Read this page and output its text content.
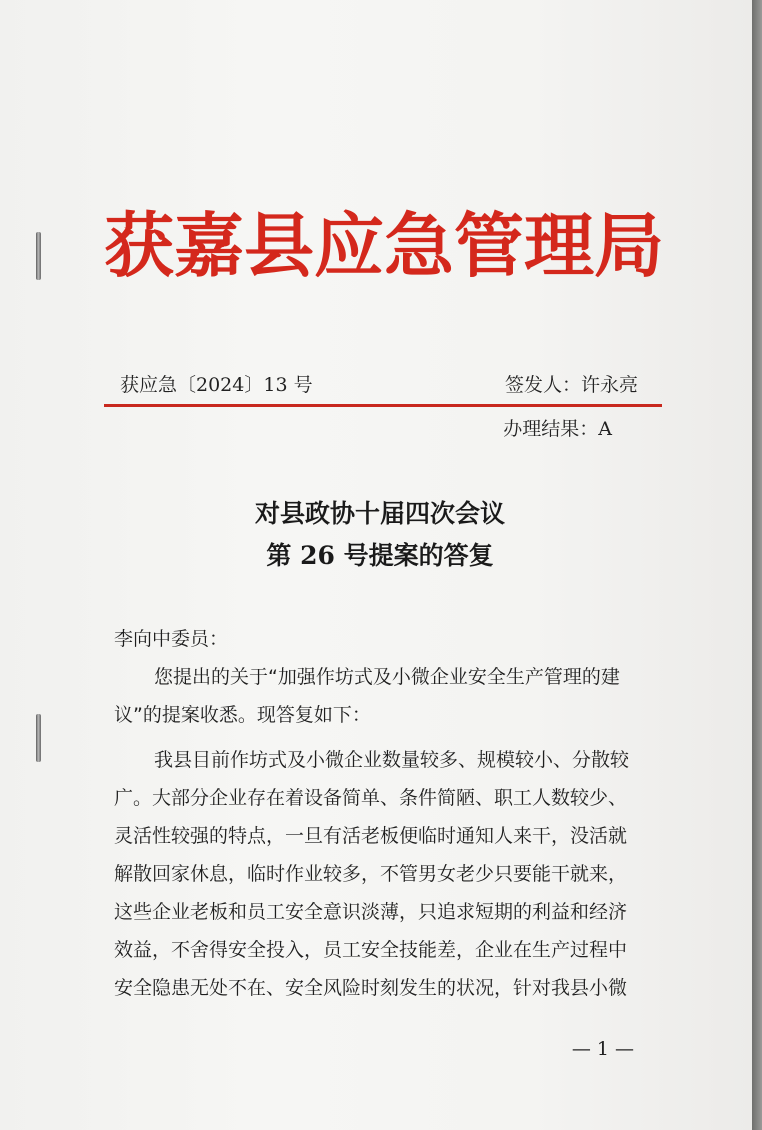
获嘉县应急管理局
获应急〔2024〕13 号	签发人：许永亮
办理结果：A
对县政协十届四次会议
第 26 号提案的答复
李向中委员：
您提出的关于“加强作坊式及小微企业安全生产管理的建
议”的提案收悉。现答复如下：
我县目前作坊式及小微企业数量较多、规模较小、分散较
广。大部分企业存在着设备简单、条件简陋、职工人数较少、
灵活性较强的特点，一旦有活老板便临时通知人来干，没活就
解散回家休息，临时作业较多，不管男女老少只要能干就来，
这些企业老板和员工安全意识淡薄，只追求短期的利益和经济
效益，不舍得安全投入，员工安全技能差，企业在生产过程中
安全隐患无处不在、安全风险时刻发生的状况，针对我县小微
— 1 —
